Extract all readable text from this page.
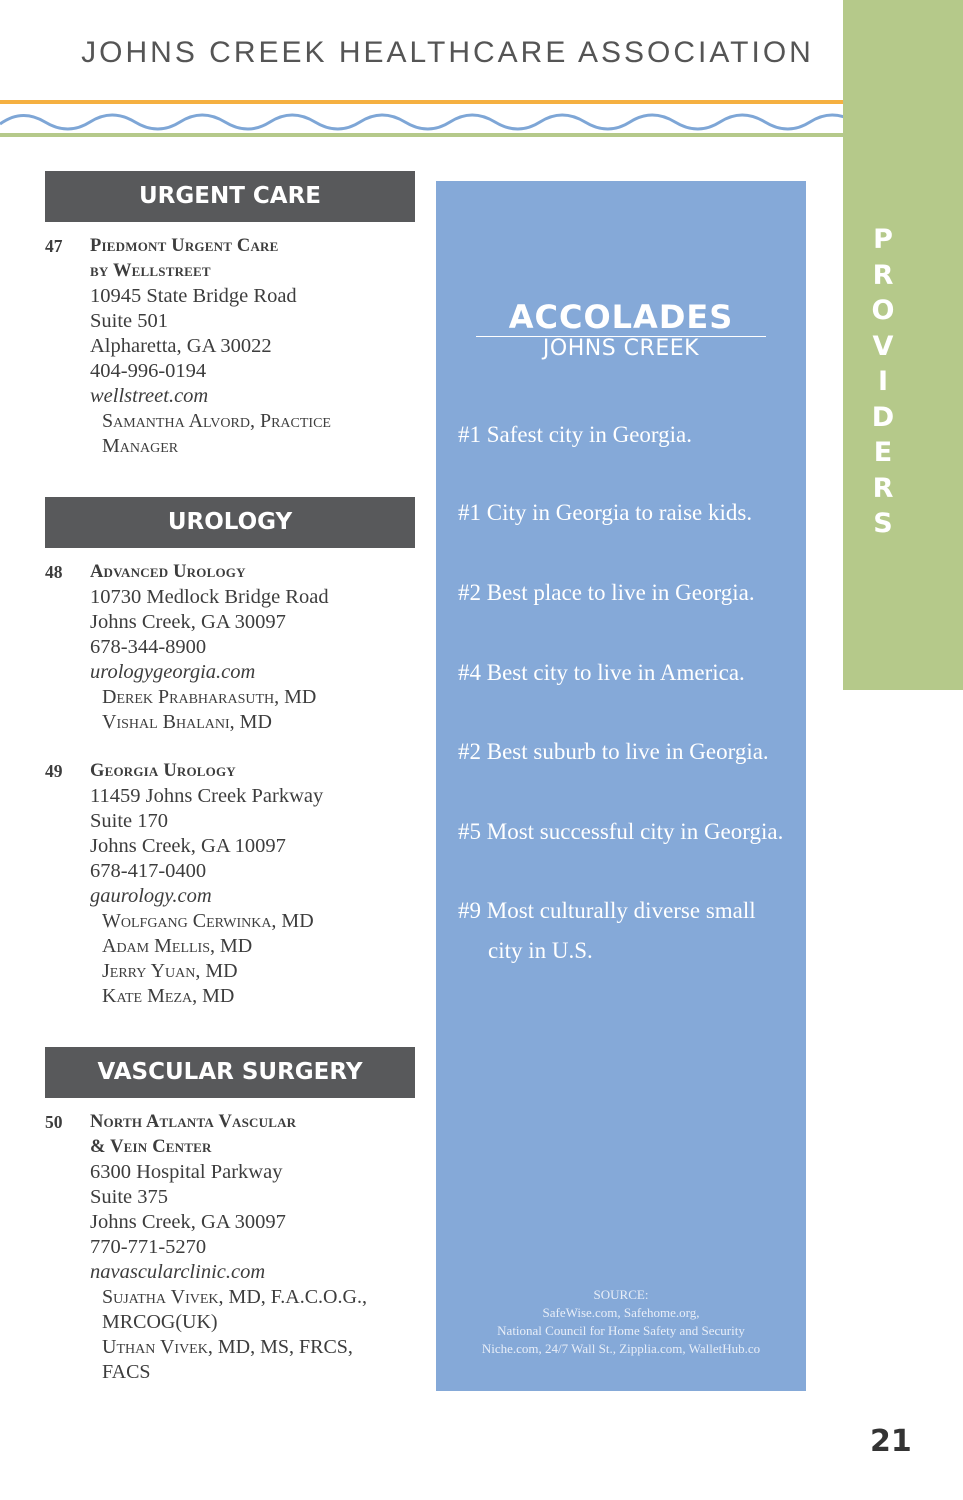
JOHNS CREEK HEALTHCARE ASSOCIATION
P
R
O
V
I
D
E
R
S
URGENT CARE
47 Piedmont Urgent Care
by Wellstreet
10945 State Bridge Road
Suite 501
Alpharetta, GA 30022
404-996-0194
wellstreet.com
Samantha Alvord, Practice
Manager
UROLOGY
48 Advanced Urology
10730 Medlock Bridge Road
Johns Creek, GA 30097
678-344-8900
urologygeorgia.com
Derek Prabharasuth, MD
Vishal Bhalani, MD
49 Georgia Urology
11459 Johns Creek Parkway
Suite 170
Johns Creek, GA 10097
678-417-0400
gaurology.com
Wolfgang Cerwinka, MD
Adam Mellis, MD
Jerry Yuan, MD
Kate Meza, MD
VASCULAR SURGERY
50 North Atlanta Vascular
& Vein Center
6300 Hospital Parkway
Suite 375
Johns Creek, GA 30097
770-771-5270
navascularclinic.com
Sujatha Vivek, MD, F.A.C.O.G.,
MRCOG(UK)
Uthan Vivek, MD, MS, FRCS,
FACS
ACCOLADES
JOHNS CREEK
#1 Safest city in Georgia.
#1 City in Georgia to raise kids.
#2 Best place to live in Georgia.
#4 Best city to live in America.
#2 Best suburb to live in Georgia.
#5 Most successful city in Georgia.
#9 Most culturally diverse small
city in U.S.
SOURCE:
SafeWise.com, Safehome.org,
National Council for Home Safety and Security
Niche.com, 24/7 Wall St., Zipplia.com, WalletHub.co
21
